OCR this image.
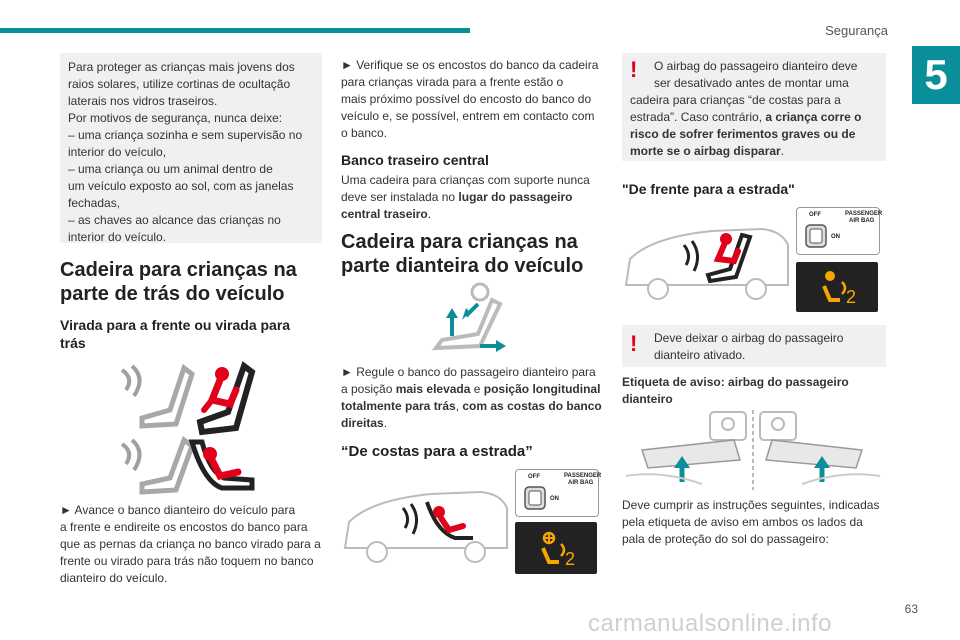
Segurança
5

Para proteger as crianças mais jovens dos

raios solares, utilize cortinas de ocultação

laterais nos vidros traseiros.

Por motivos de segurança, nunca deixe:

– uma criança sozinha e sem supervisão no

interior do veículo,

– uma criança ou um animal dentro de

um veículo exposto ao sol, com as janelas

fechadas,

– as chaves ao alcance das crianças no

interior do veículo.

Cadeira para crianças na
parte de trás do veículo
Virada para a frente ou virada para
trás

► Avance o banco dianteiro do veículo para

a frente e endireite os encostos do banco para

que as pernas da criança no banco virado para a

frente ou virado para trás não toquem no banco

dianteiro do veículo.

► Verifique se os encostos do banco da cadeira

para crianças virada para a frente estão o

mais próximo possível do encosto do banco do

veículo e, se possível, entrem em contacto com

o banco.

Banco traseiro central

Uma cadeira para crianças com suporte nunca

deve ser instalada no lugar do passageiro

central traseiro.

Cadeira para crianças na
parte dianteira do veículo

► Regule o banco do passageiro dianteiro para

a posição mais elevada e posição longitudinal

totalmente para trás, com as costas do banco

direitas.

“De costas para a estrada”
OFF	PASSENGER
AIR BAG
ON
2
!	O airbag do passageiro dianteiro deve

ser desativado antes de montar uma

cadeira para crianças “de costas para a

estrada”. Caso contrário, a criança corre o

risco de sofrer ferimentos graves ou de

morte se o airbag disparar.

"De frente para a estrada"
OFF	PASSENGER
AIR BAG
ON
2
! Deve deixar o airbag do passageiro

dianteiro ativado.

Etiqueta de aviso: airbag do passageiro

dianteiro

Deve cumprir as instruções seguintes, indicadas

pela etiqueta de aviso em ambos os lados da

pala de proteção do sol do passageiro:

63
carmanualsonline.info
